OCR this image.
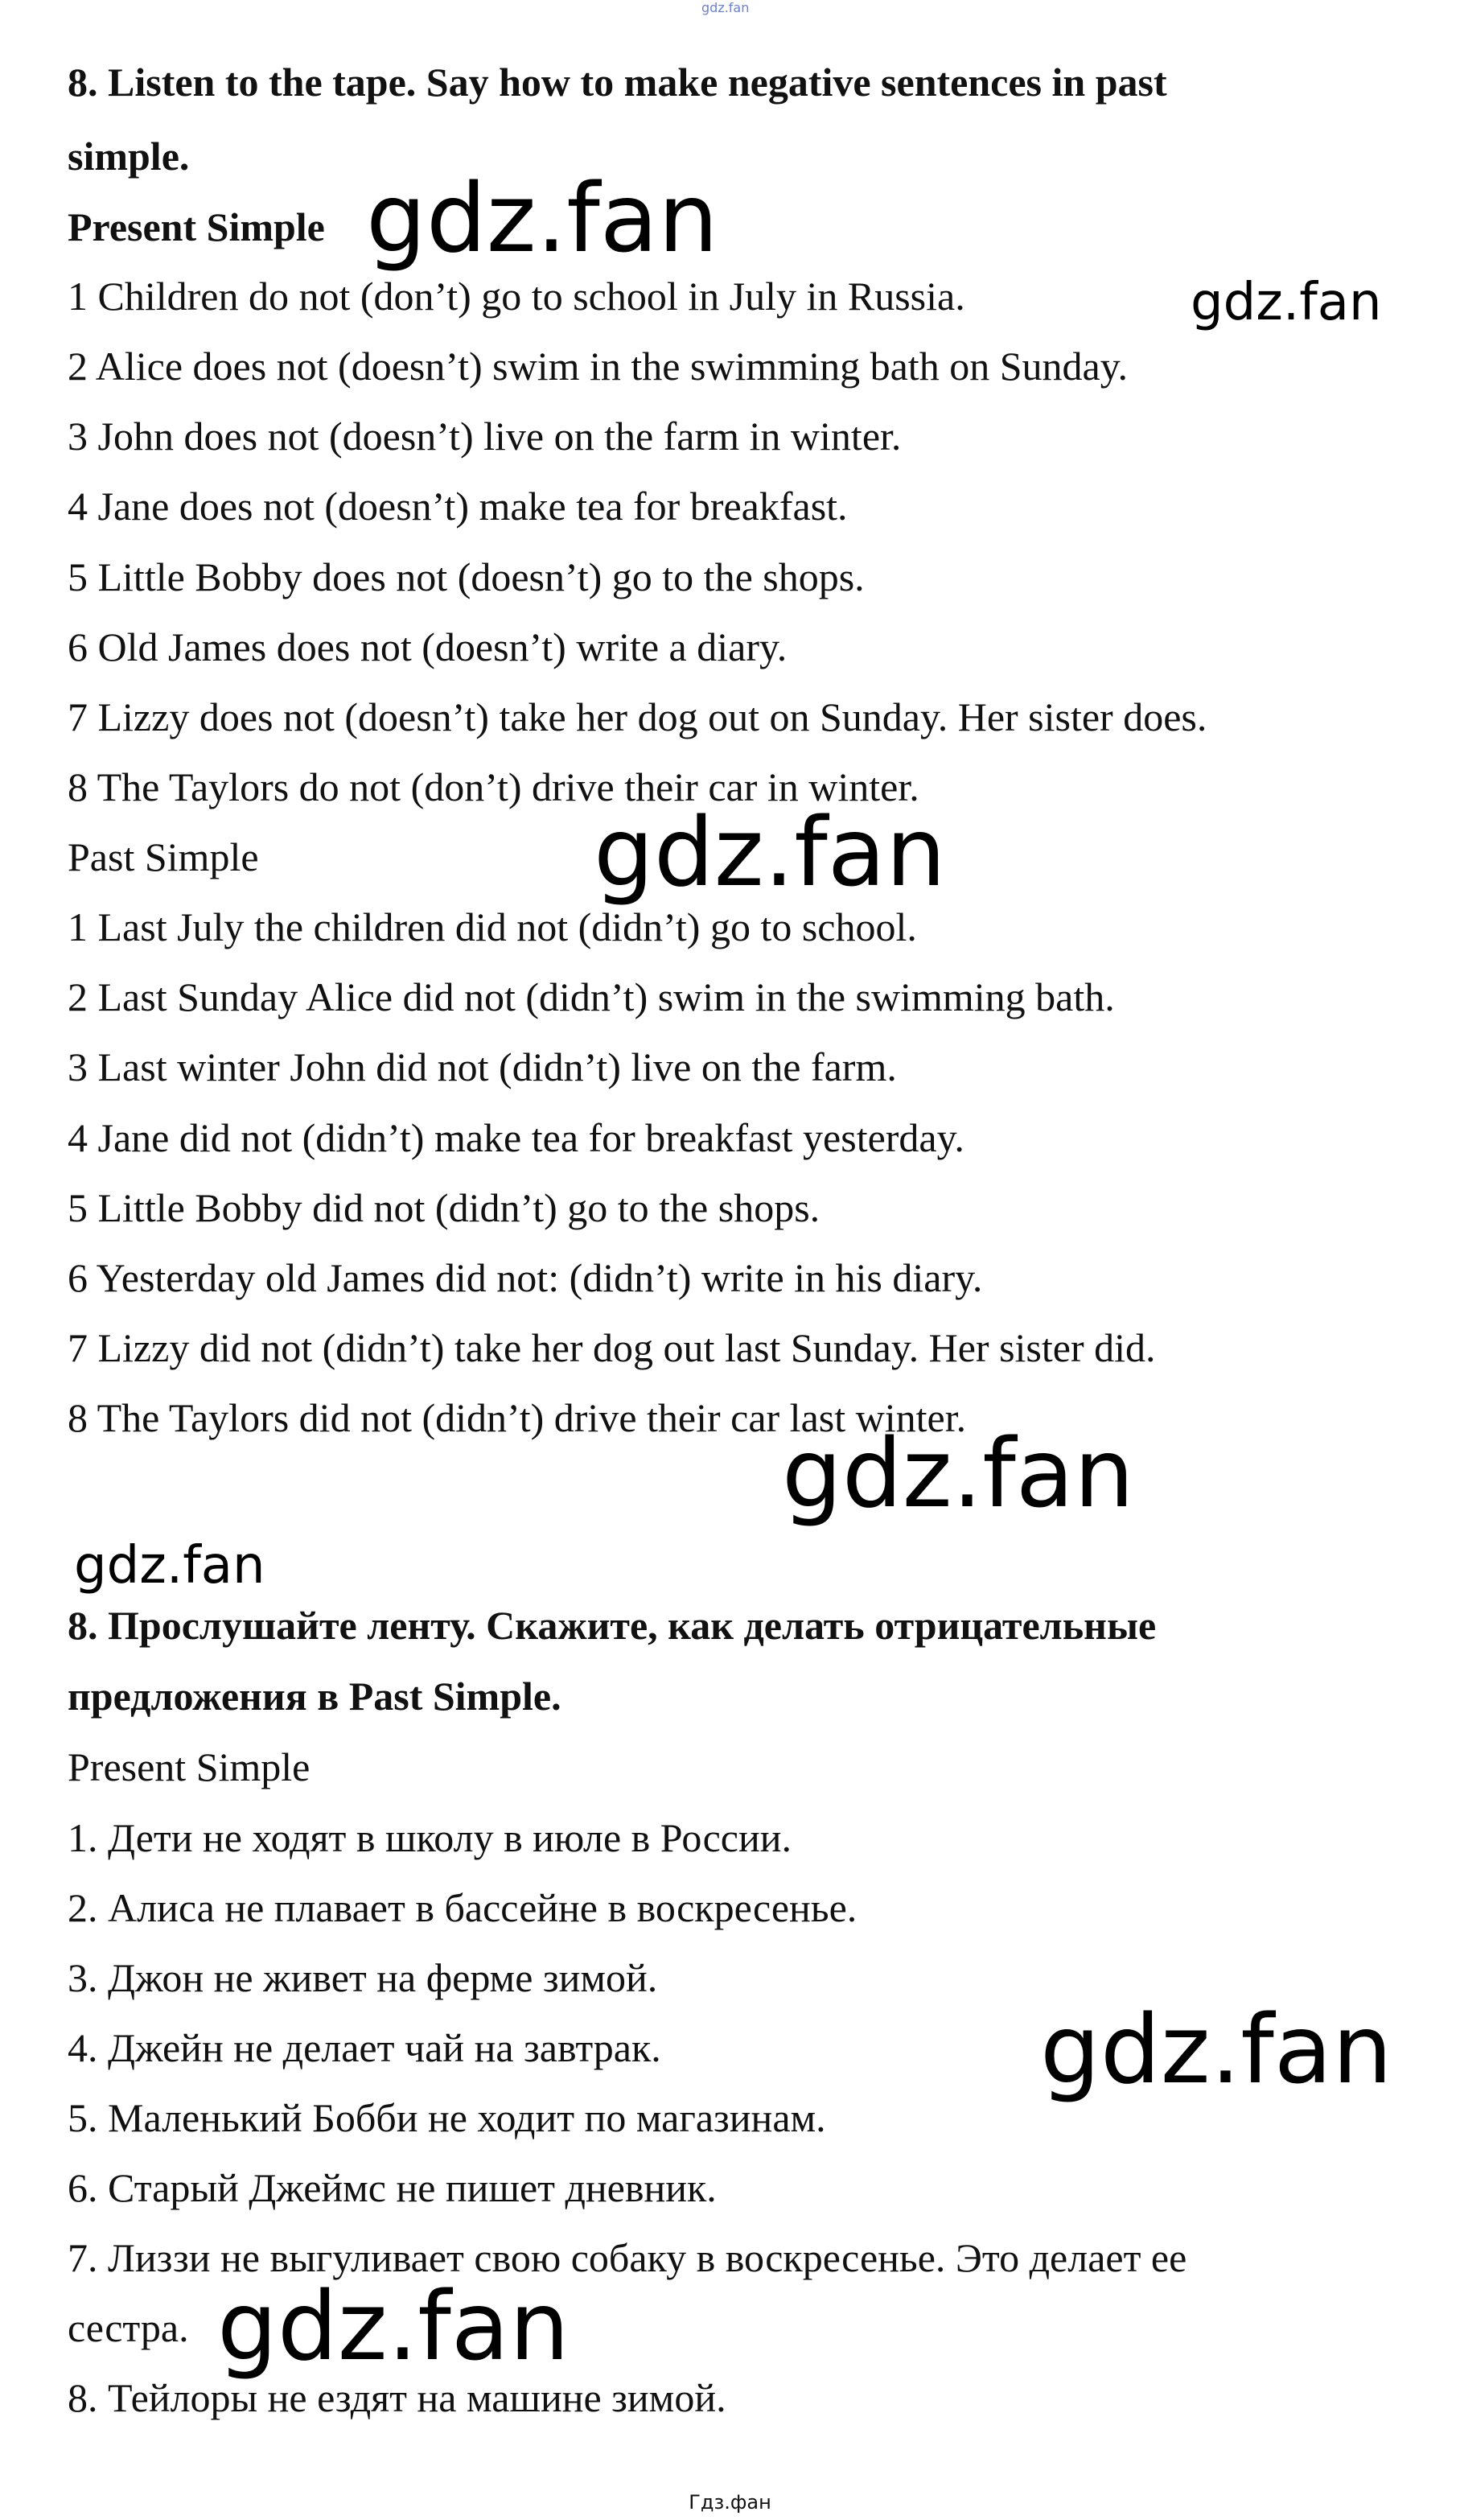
gdz.fan
8. Listen to the tape. Say how to make negative sentences in past
simple.
Present Simple
1 Children do not (don’t) go to school in July in Russia.
2 Alice does not (doesn’t) swim in the swimming bath on Sunday.
3 John does not (doesn’t) live on the farm in winter.
4 Jane does not (doesn’t) make tea for breakfast.
5 Little Bobby does not (doesn’t) go to the shops.
6 Old James does not (doesn’t) write a diary.
7 Lizzy does not (doesn’t) take her dog out on Sunday. Her sister does.
8 The Taylors do not (don’t) drive their car in winter.
Past Simple
1 Last July the children did not (didn’t) go to school.
2 Last Sunday Alice did not (didn’t) swim in the swimming bath.
3 Last winter John did not (didn’t) live on the farm.
4 Jane did not (didn’t) make tea for breakfast yesterday.
5 Little Bobby did not (didn’t) go to the shops.
6 Yesterday old James did not: (didn’t) write in his diary.
7 Lizzy did not (didn’t) take her dog out last Sunday. Her sister did.
8 The Taylors did not (didn’t) drive their car last winter.
8. Прослушайте ленту. Скажите, как делать отрицательные
предложения в Past Simple.
Present Simple
1. Дети не ходят в школу в июле в России.
2. Алиса не плавает в бассейне в воскресенье.
3. Джон не живет на ферме зимой.
4. Джейн не делает чай на завтрак.
5. Маленький Бобби не ходит по магазинам.
6. Старый Джеймс не пишет дневник.
7. Лиззи не выгуливает свою собаку в воскресенье. Это делает ее
сестра.
8. Тейлоры не ездят на машине зимой.
gdz.fan
gdz.fan
gdz.fan
gdz.fan
gdz.fan
gdz.fan
gdz.fan
Гдз.фан
